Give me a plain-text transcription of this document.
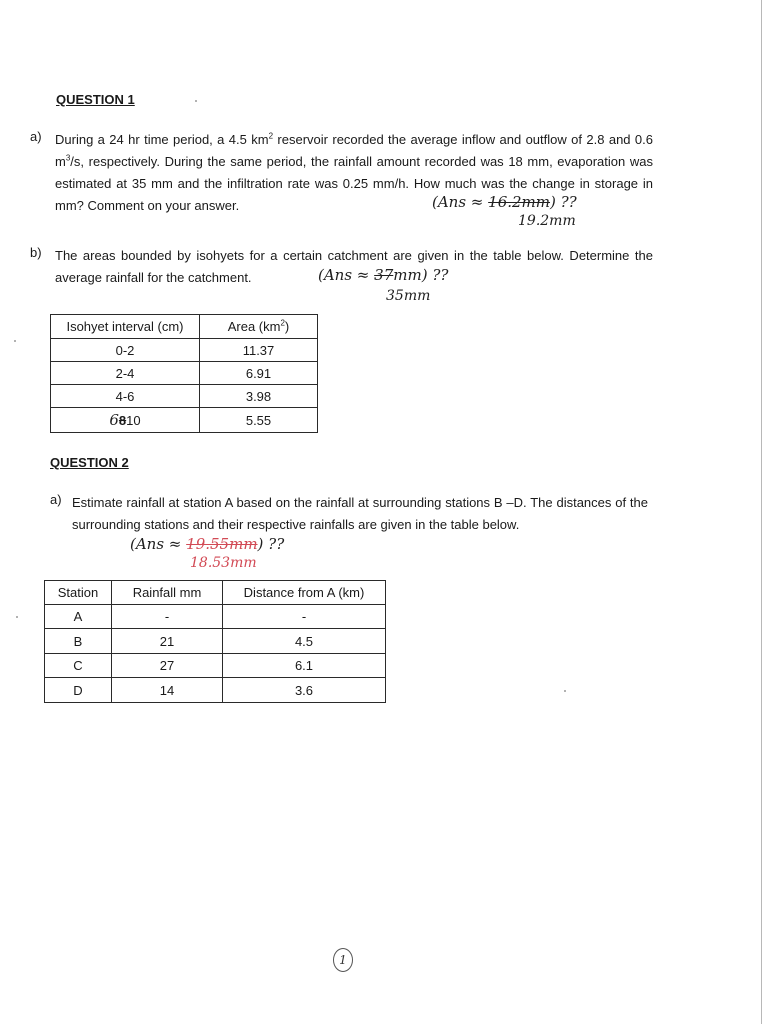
QUESTION 1
a) During a 24 hr time period, a 4.5 $km^2$ reservoir recorded the average inflow and outflow of 2.8 and 0.6 $m^3/s$, respectively. During the same period, the rainfall amount recorded was 18 mm, evaporation was estimated at 35 mm and the infiltration rate was 0.25 mm/h. How much was the change in storage in mm? Comment on your answer.	(Ans ≈ 16.2mm) ??
19.2mm
b) The areas bounded by isohyets for a certain catchment are given in the table below. Determine the average rainfall for the catchment.	(Ans ≈ 37mm) ??
35mm
Isohyet interval (cm)	Area $(km^2)$
0-2	11.37
2-4	6.91
4-6	3.98
6810	5.55
QUESTION 2
a) Estimate rainfall at station A based on the rainfall at surrounding stations B –D. The distances of the surrounding stations and their respective rainfalls are given in the table below.
(Ans ≈ 19.55mm) ??
18.53mm
Station	Rainfall mm	Distance from A (km)
A	-	-
B	21	4.5
C	27	6.1
D	14	3.6
1
